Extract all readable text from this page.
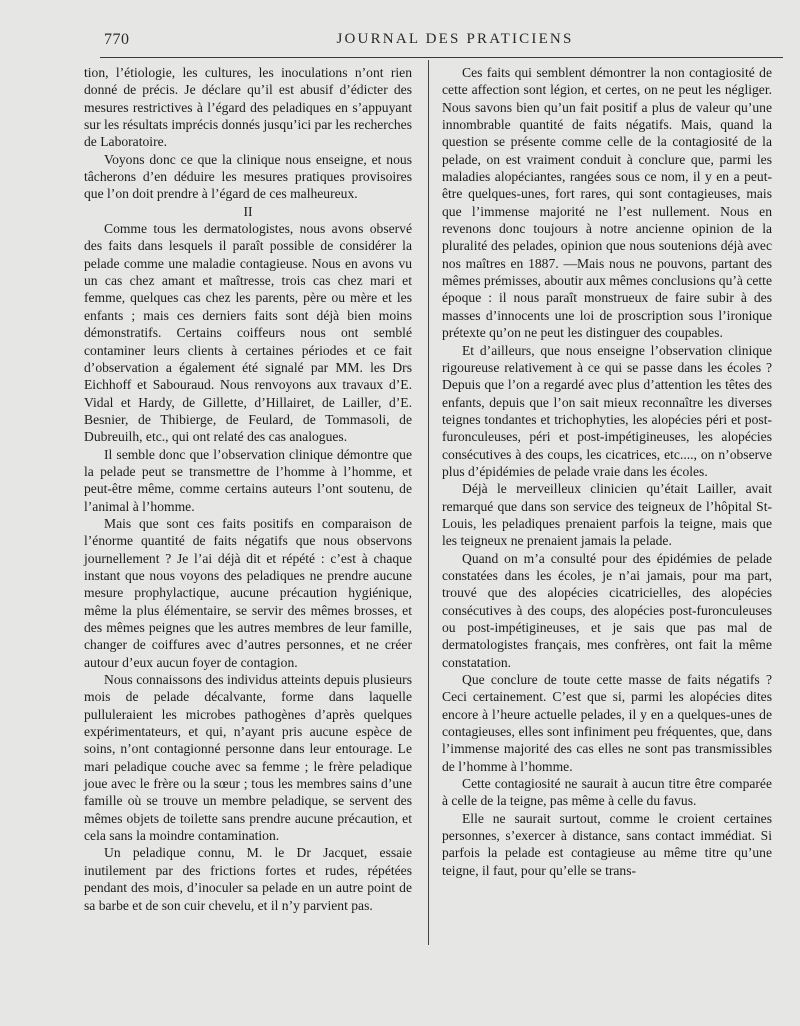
770	JOURNAL DES PRATICIENS

tion, l’étiologie, les cultures, les inoculations n’ont rien donné de précis. Je déclare qu’il est abusif d’édicter des mesures restrictives à l’égard des peladiques en s’appuyant sur les résultats imprécis donnés jusqu’ici par les recherches de Laboratoire.

Voyons donc ce que la clinique nous enseigne, et nous tâcherons d’en déduire les mesures pratiques provisoires que l’on doit prendre à l’égard de ces malheureux.

II

Comme tous les dermatologistes, nous avons observé des faits dans lesquels il paraît possible de considérer la pelade comme une maladie contagieuse. Nous en avons vu un cas chez amant et maîtresse, trois cas chez mari et femme, quelques cas chez les parents, père ou mère et les enfants ; mais ces derniers faits sont déjà bien moins démonstratifs. Certains coiffeurs nous ont semblé contaminer leurs clients à certaines périodes et ce fait d’observation a également été signalé par MM. les Drs Eichhoff et Sabouraud. Nous renvoyons aux travaux d’E. Vidal et Hardy, de Gillette, d’Hillairet, de Lailler, d’E. Besnier, de Thibierge, de Feulard, de Tommasoli, de Dubreuilh, etc., qui ont relaté des cas analogues.

Il semble donc que l’observation clinique démontre que la pelade peut se transmettre de l’homme à l’homme, et peut-être même, comme certains auteurs l’ont soutenu, de l’animal à l’homme.

Mais que sont ces faits positifs en comparaison de l’énorme quantité de faits négatifs que nous observons journellement ? Je l’ai déjà dit et répété : c’est à chaque instant que nous voyons des peladiques ne prendre aucune mesure prophylactique, aucune précaution hygiénique, même la plus élémentaire, se servir des mêmes brosses, et des mêmes peignes que les autres membres de leur famille, changer de coiffures avec d’autres personnes, et ne créer autour d’eux aucun foyer de contagion.

Nous connaissons des individus atteints depuis plusieurs mois de pelade décalvante, forme dans laquelle pulluleraient les microbes pathogènes d’après quelques expérimentateurs, et qui, n’ayant pris aucune espèce de soins, n’ont contagionné personne dans leur entourage. Le mari peladique couche avec sa femme ; le frère peladique joue avec le frère ou la sœur ; tous les membres sains d’une famille où se trouve un membre peladique, se servent des mêmes objets de toilette sans prendre aucune précaution, et cela sans la moindre contamination.

Un peladique connu, M. le Dr Jacquet, essaie inutilement par des frictions fortes et rudes, répétées pendant des mois, d’inoculer sa pelade en un autre point de sa barbe et de son cuir chevelu, et il n’y parvient pas.

Ces faits qui semblent démontrer la non contagiosité de cette affection sont légion, et certes, on ne peut les négliger. Nous savons bien qu’un fait positif a plus de valeur qu’une innombrable quantité de faits négatifs. Mais, quand la question se présente comme celle de la contagiosité de la pelade, on est vraiment conduit à conclure que, parmi les maladies alopéciantes, rangées sous ce nom, il y en a peut-être quelques-unes, fort rares, qui sont contagieuses, mais que l’immense majorité ne l’est nullement. Nous en revenons donc toujours à notre ancienne opinion de la pluralité des pelades, opinion que nous soutenions déjà avec nos maîtres en 1887. —Mais nous ne pouvons, partant des mêmes prémisses, aboutir aux mêmes conclusions qu’à cette époque : il nous paraît monstrueux de faire subir à des masses d’innocents une loi de proscription sous l’ironique prétexte qu’on ne peut les distinguer des coupables.

Et d’ailleurs, que nous enseigne l’observation clinique rigoureuse relativement à ce qui se passe dans les écoles ? Depuis que l’on a regardé avec plus d’attention les têtes des enfants, depuis que l’on sait mieux reconnaître les diverses teignes tondantes et trichophyties, les alopécies péri et post-furonculeuses, péri et post-impétigineuses, les alopécies consécutives à des coups, les cicatrices, etc...., on n’observe plus d’épidémies de pelade vraie dans les écoles.

Déjà le merveilleux clinicien qu’était Lailler, avait remarqué que dans son service des teigneux de l’hôpital St-Louis, les peladiques prenaient parfois la teigne, mais que les teigneux ne prenaient jamais la pelade.

Quand on m’a consulté pour des épidémies de pelade constatées dans les écoles, je n’ai jamais, pour ma part, trouvé que des alopécies cicatricielles, des alopécies consécutives à des coups, des alopécies post-furonculeuses ou post-impétigineuses, et je sais que pas mal de dermatologistes français, mes confrères, ont fait la même constatation.

Que conclure de toute cette masse de faits négatifs ? Ceci certainement. C’est que si, parmi les alopécies dites encore à l’heure actuelle pelades, il y en a quelques-unes de contagieuses, elles sont infiniment peu fréquentes, que, dans l’immense majorité des cas elles ne sont pas transmissibles de l’homme à l’homme.

Cette contagiosité ne saurait à aucun titre être comparée à celle de la teigne, pas même à celle du favus.

Elle ne saurait surtout, comme le croient certaines personnes, s’exercer à distance, sans contact immédiat. Si parfois la pelade est contagieuse au même titre qu’une teigne, il faut, pour qu’elle se trans-
